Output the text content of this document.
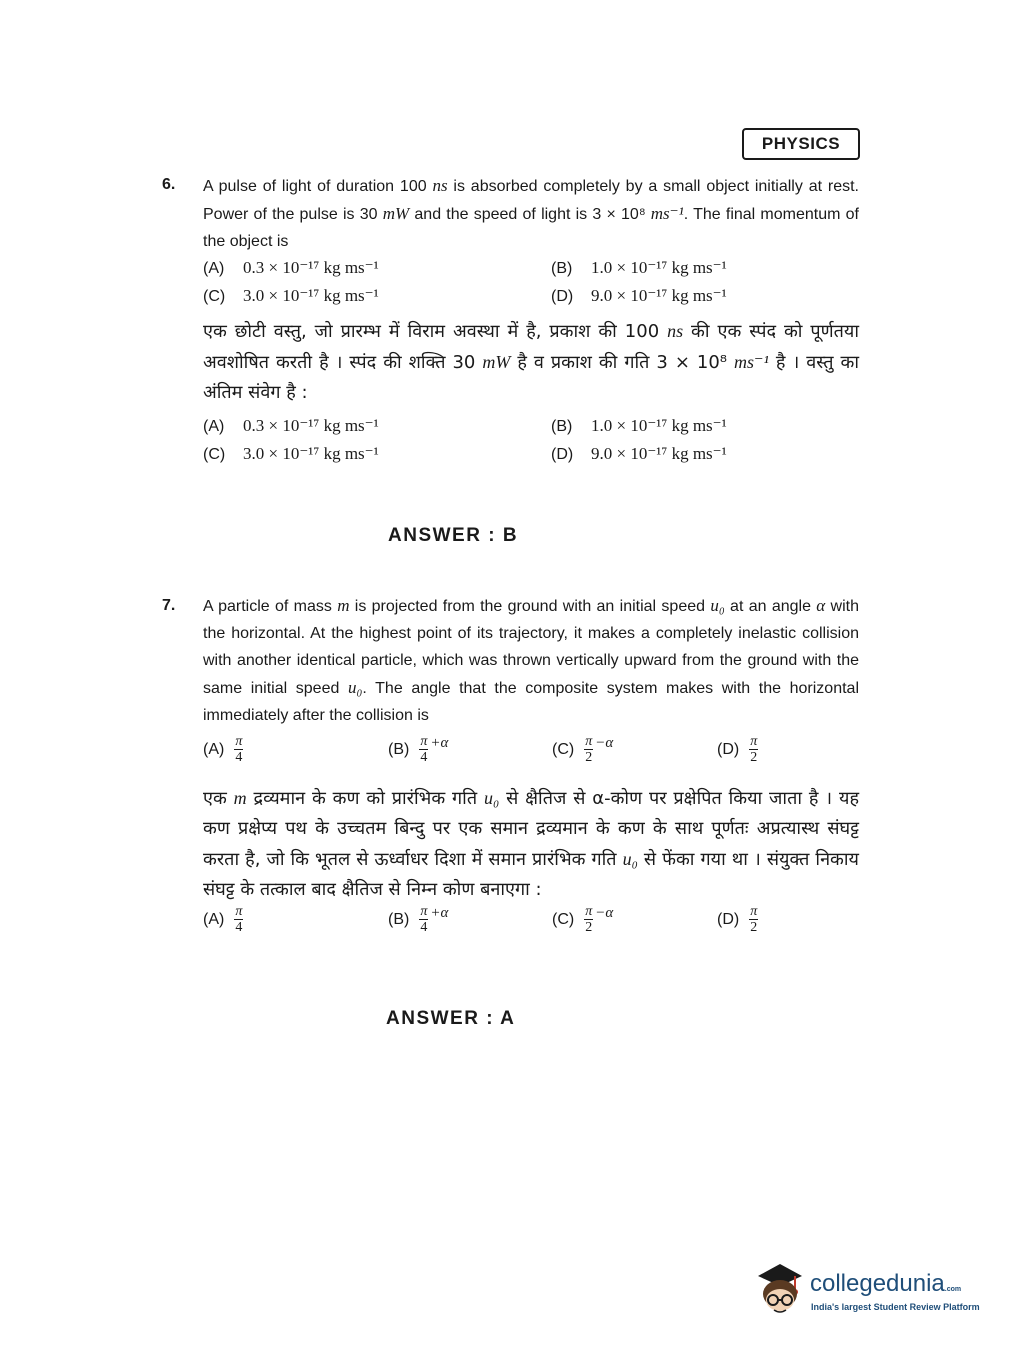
PHYSICS
6. A pulse of light of duration 100 ns is absorbed completely by a small object initially at rest. Power of the pulse is 30 mW and the speed of light is 3 × 10⁸ ms⁻¹. The final momentum of the object is
(A)	0.3 × 10⁻¹⁷ kg ms⁻¹	(B)	1.0 × 10⁻¹⁷ kg ms⁻¹
(C)	3.0 × 10⁻¹⁷ kg ms⁻¹	(D)	9.0 × 10⁻¹⁷ kg ms⁻¹
एक छोटी वस्तु, जो प्रारम्भ में विराम अवस्था में है, प्रकाश की 100 ns की एक स्पंद को पूर्णतया अवशोषित करती है । स्पंद की शक्ति 30 mW है व प्रकाश की गति 3 × 10⁸ ms⁻¹ है । वस्तु का अंतिम संवेग है :
(A)	0.3 × 10⁻¹⁷ kg ms⁻¹	(B)	1.0 × 10⁻¹⁷ kg ms⁻¹
(C)	3.0 × 10⁻¹⁷ kg ms⁻¹	(D)	9.0 × 10⁻¹⁷ kg ms⁻¹
ANSWER : B
7. A particle of mass m is projected from the ground with an initial speed u₀ at an angle α with the horizontal. At the highest point of its trajectory, it makes a completely inelastic collision with another identical particle, which was thrown vertically upward from the ground with the same initial speed u₀. The angle that the composite system makes with the horizontal immediately after the collision is
$(A) \frac{\pi}{4}$	$(B) \frac{\pi}{4} +\alpha$	$(C) \frac{\pi}{2} -\alpha$	$(D) \frac{\pi}{2}$
एक m द्रव्यमान के कण को प्रारंभिक गति u₀ से क्षैतिज से α-कोण पर प्रक्षेपित किया जाता है । यह कण प्रक्षेप्य पथ के उच्चतम बिन्दु पर एक समान द्रव्यमान के कण के साथ पूर्णतः अप्रत्यास्थ संघट्ट करता है, जो कि भूतल से ऊर्ध्वाधर दिशा में समान प्रारंभिक गति u₀ से फेंका गया था । संयुक्त निकाय संघट्ट के तत्काल बाद क्षैतिज से निम्न कोण बनाएगा :
$(A) \frac{\pi}{4}$	$(B) \frac{\pi}{4} +\alpha$	$(C) \frac{\pi}{2} -\alpha$	$(D) \frac{\pi}{2}$
ANSWER : A
collegedunia.com
India's largest Student Review Platform
